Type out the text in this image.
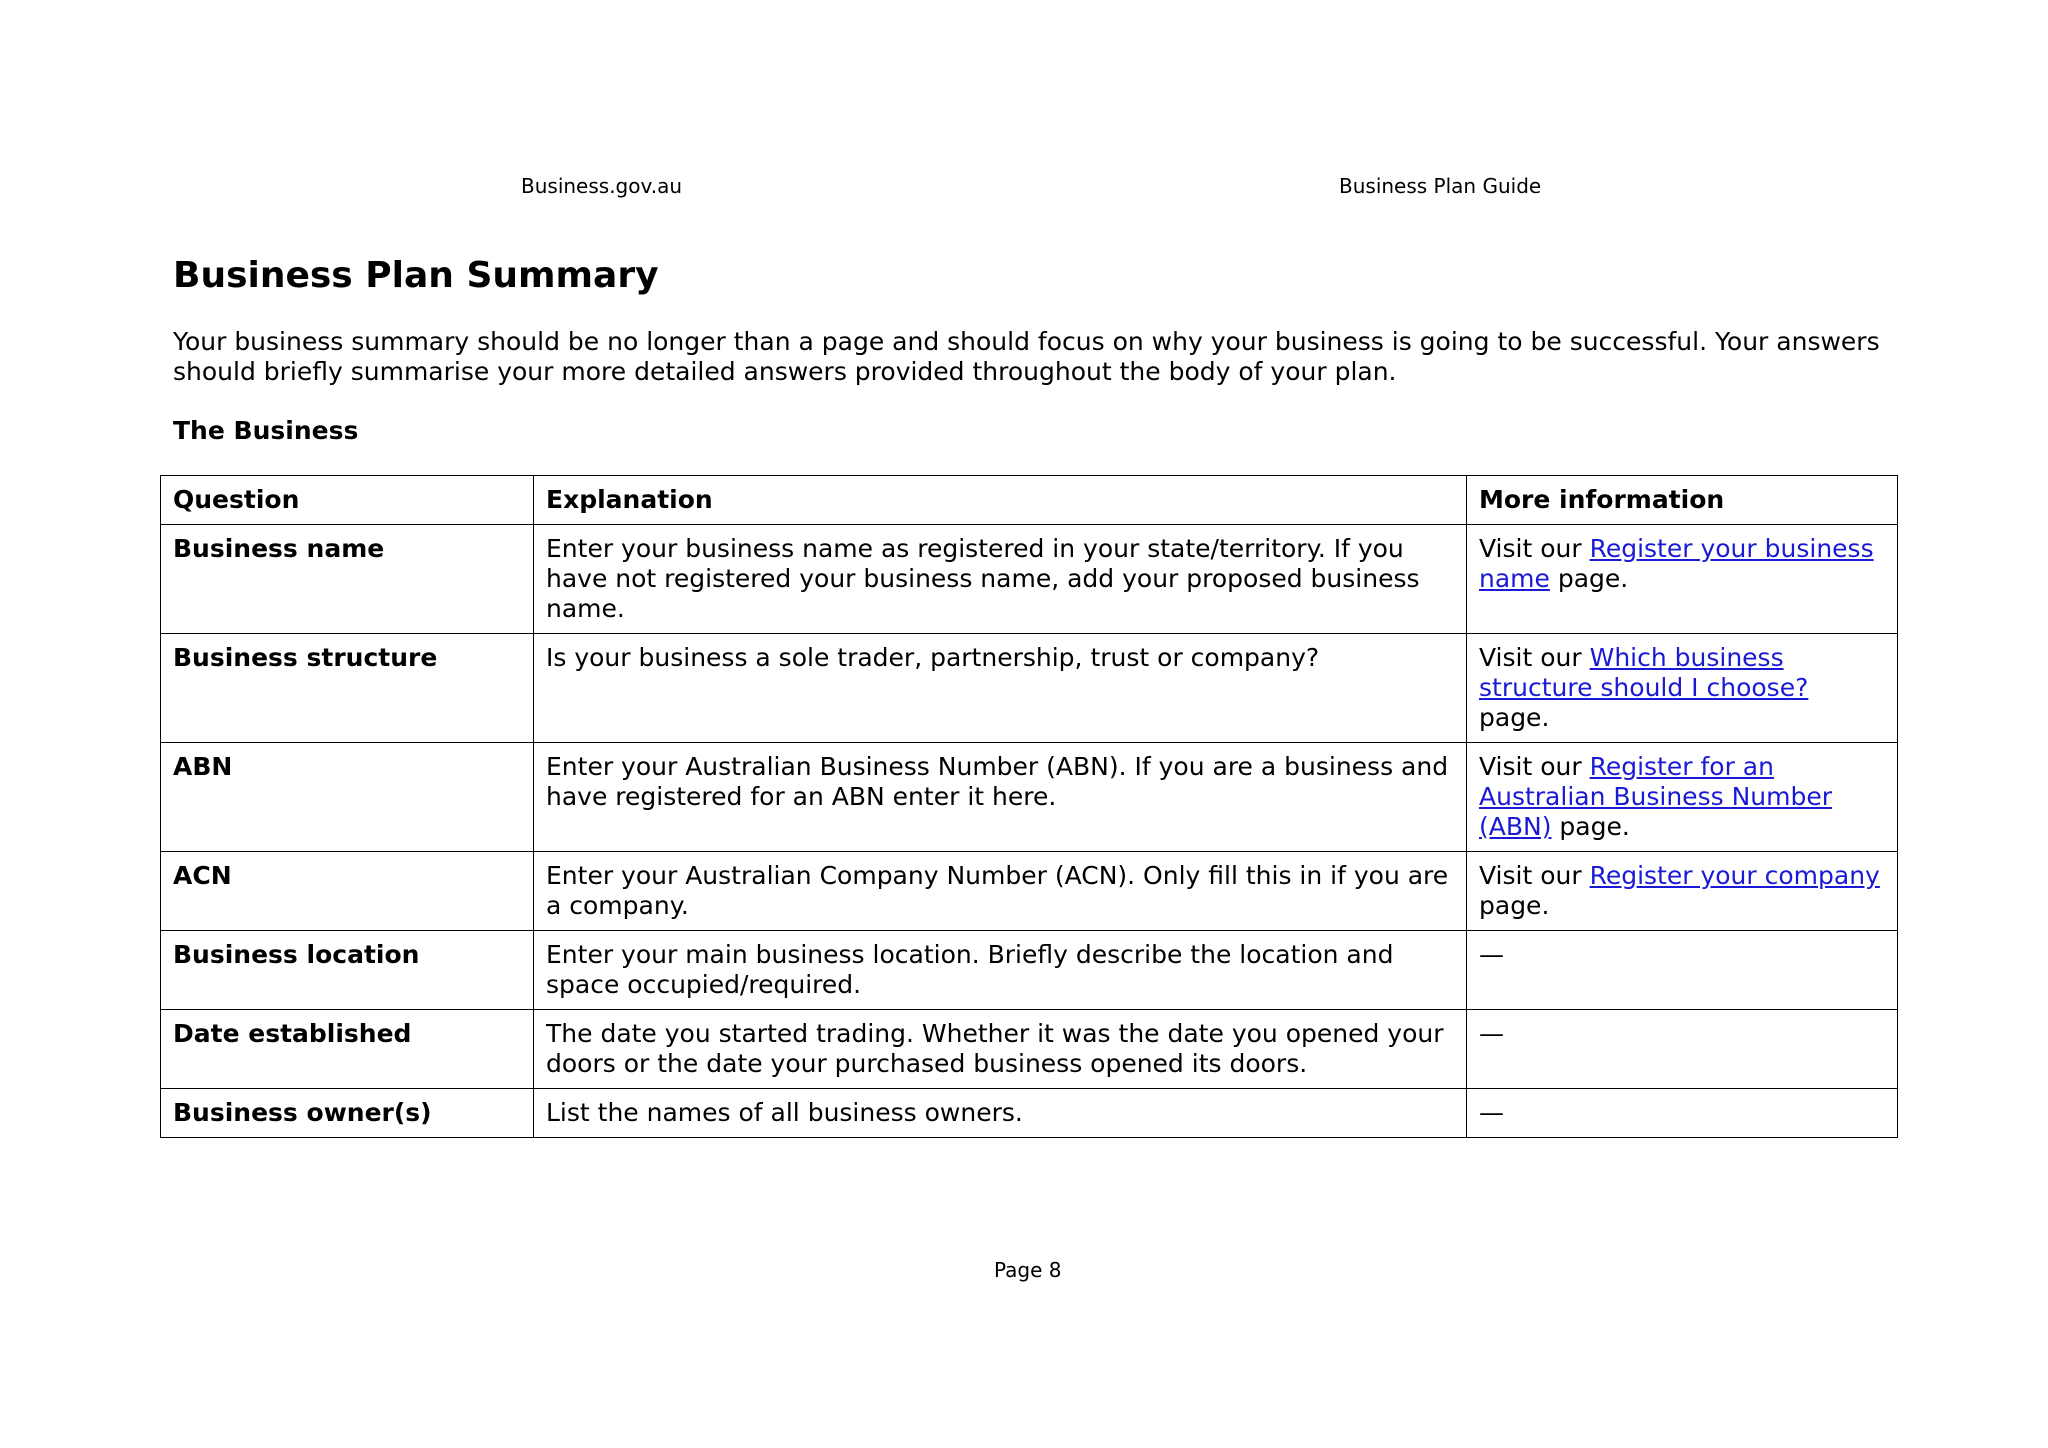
Business.gov.au	Business Plan Guide
Business Plan Summary

Your business summary should be no longer than a page and should focus on why your business is going to be successful. Your answers should briefly summarise your more detailed answers provided throughout the body of your plan.

The Business
Question	Explanation	More information
Business name	Enter your business name as registered in your state/territory. If you have not registered your business name, add your proposed business name.	Visit our Register your business name page.
Business structure	Is your business a sole trader, partnership, trust or company?	Visit our Which business structure should I choose? page.
ABN	Enter your Australian Business Number (ABN). If you are a business and have registered for an ABN enter it here.	Visit our Register for an Australian Business Number (ABN) page.
ACN	Enter your Australian Company Number (ACN). Only fill this in if you are a company.	Visit our Register your company page.
Business location	Enter your main business location. Briefly describe the location and space occupied/required.	—
Date established	The date you started trading. Whether it was the date you opened your doors or the date your purchased business opened its doors.	—
Business owner(s)	List the names of all business owners.	—
Page 8
